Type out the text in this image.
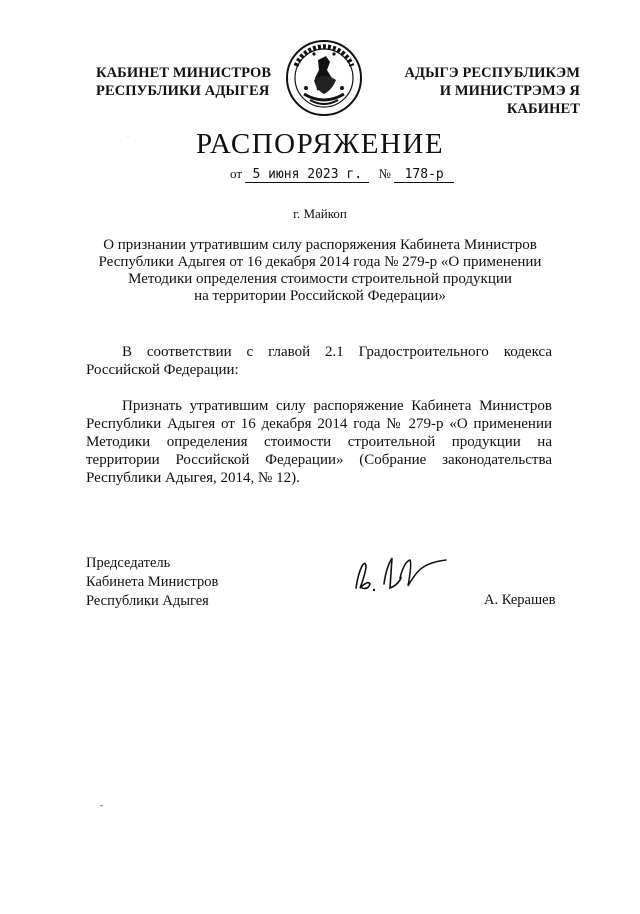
КАБИНЕТ МИНИСТРОВ
РЕСПУБЛИКИ АДЫГЕЯ
АДЫГЭ РЕСПУБЛИКЭМ
И МИНИСТРЭМЭ Я КАБИНЕТ
·	РАСПОРЯЖЕНИЕ
от 5 июня 2023 г. № 178-р
г. Майкоп
О признании утратившим силу распоряжения Кабинета Министров
Республики Адыгея от 16 декабря 2014 года № 279-р «О применении
Методики определения стоимости строительной продукции
на территории Российской Федерации»
В соответствии с главой 2.1 Градостроительного кодекса Российской Федерации:
Признать утратившим силу распоряжение Кабинета Министров Республики Адыгея от 16 декабря 2014 года № 279-р «О применении Методики определения стоимости строительной продукции на территории Российской Федерации» (Собрание законодательства Республики Адыгея, 2014, № 12).
Председатель
Кабинета Министров
Республики Адыгея	А. Керашев
-
